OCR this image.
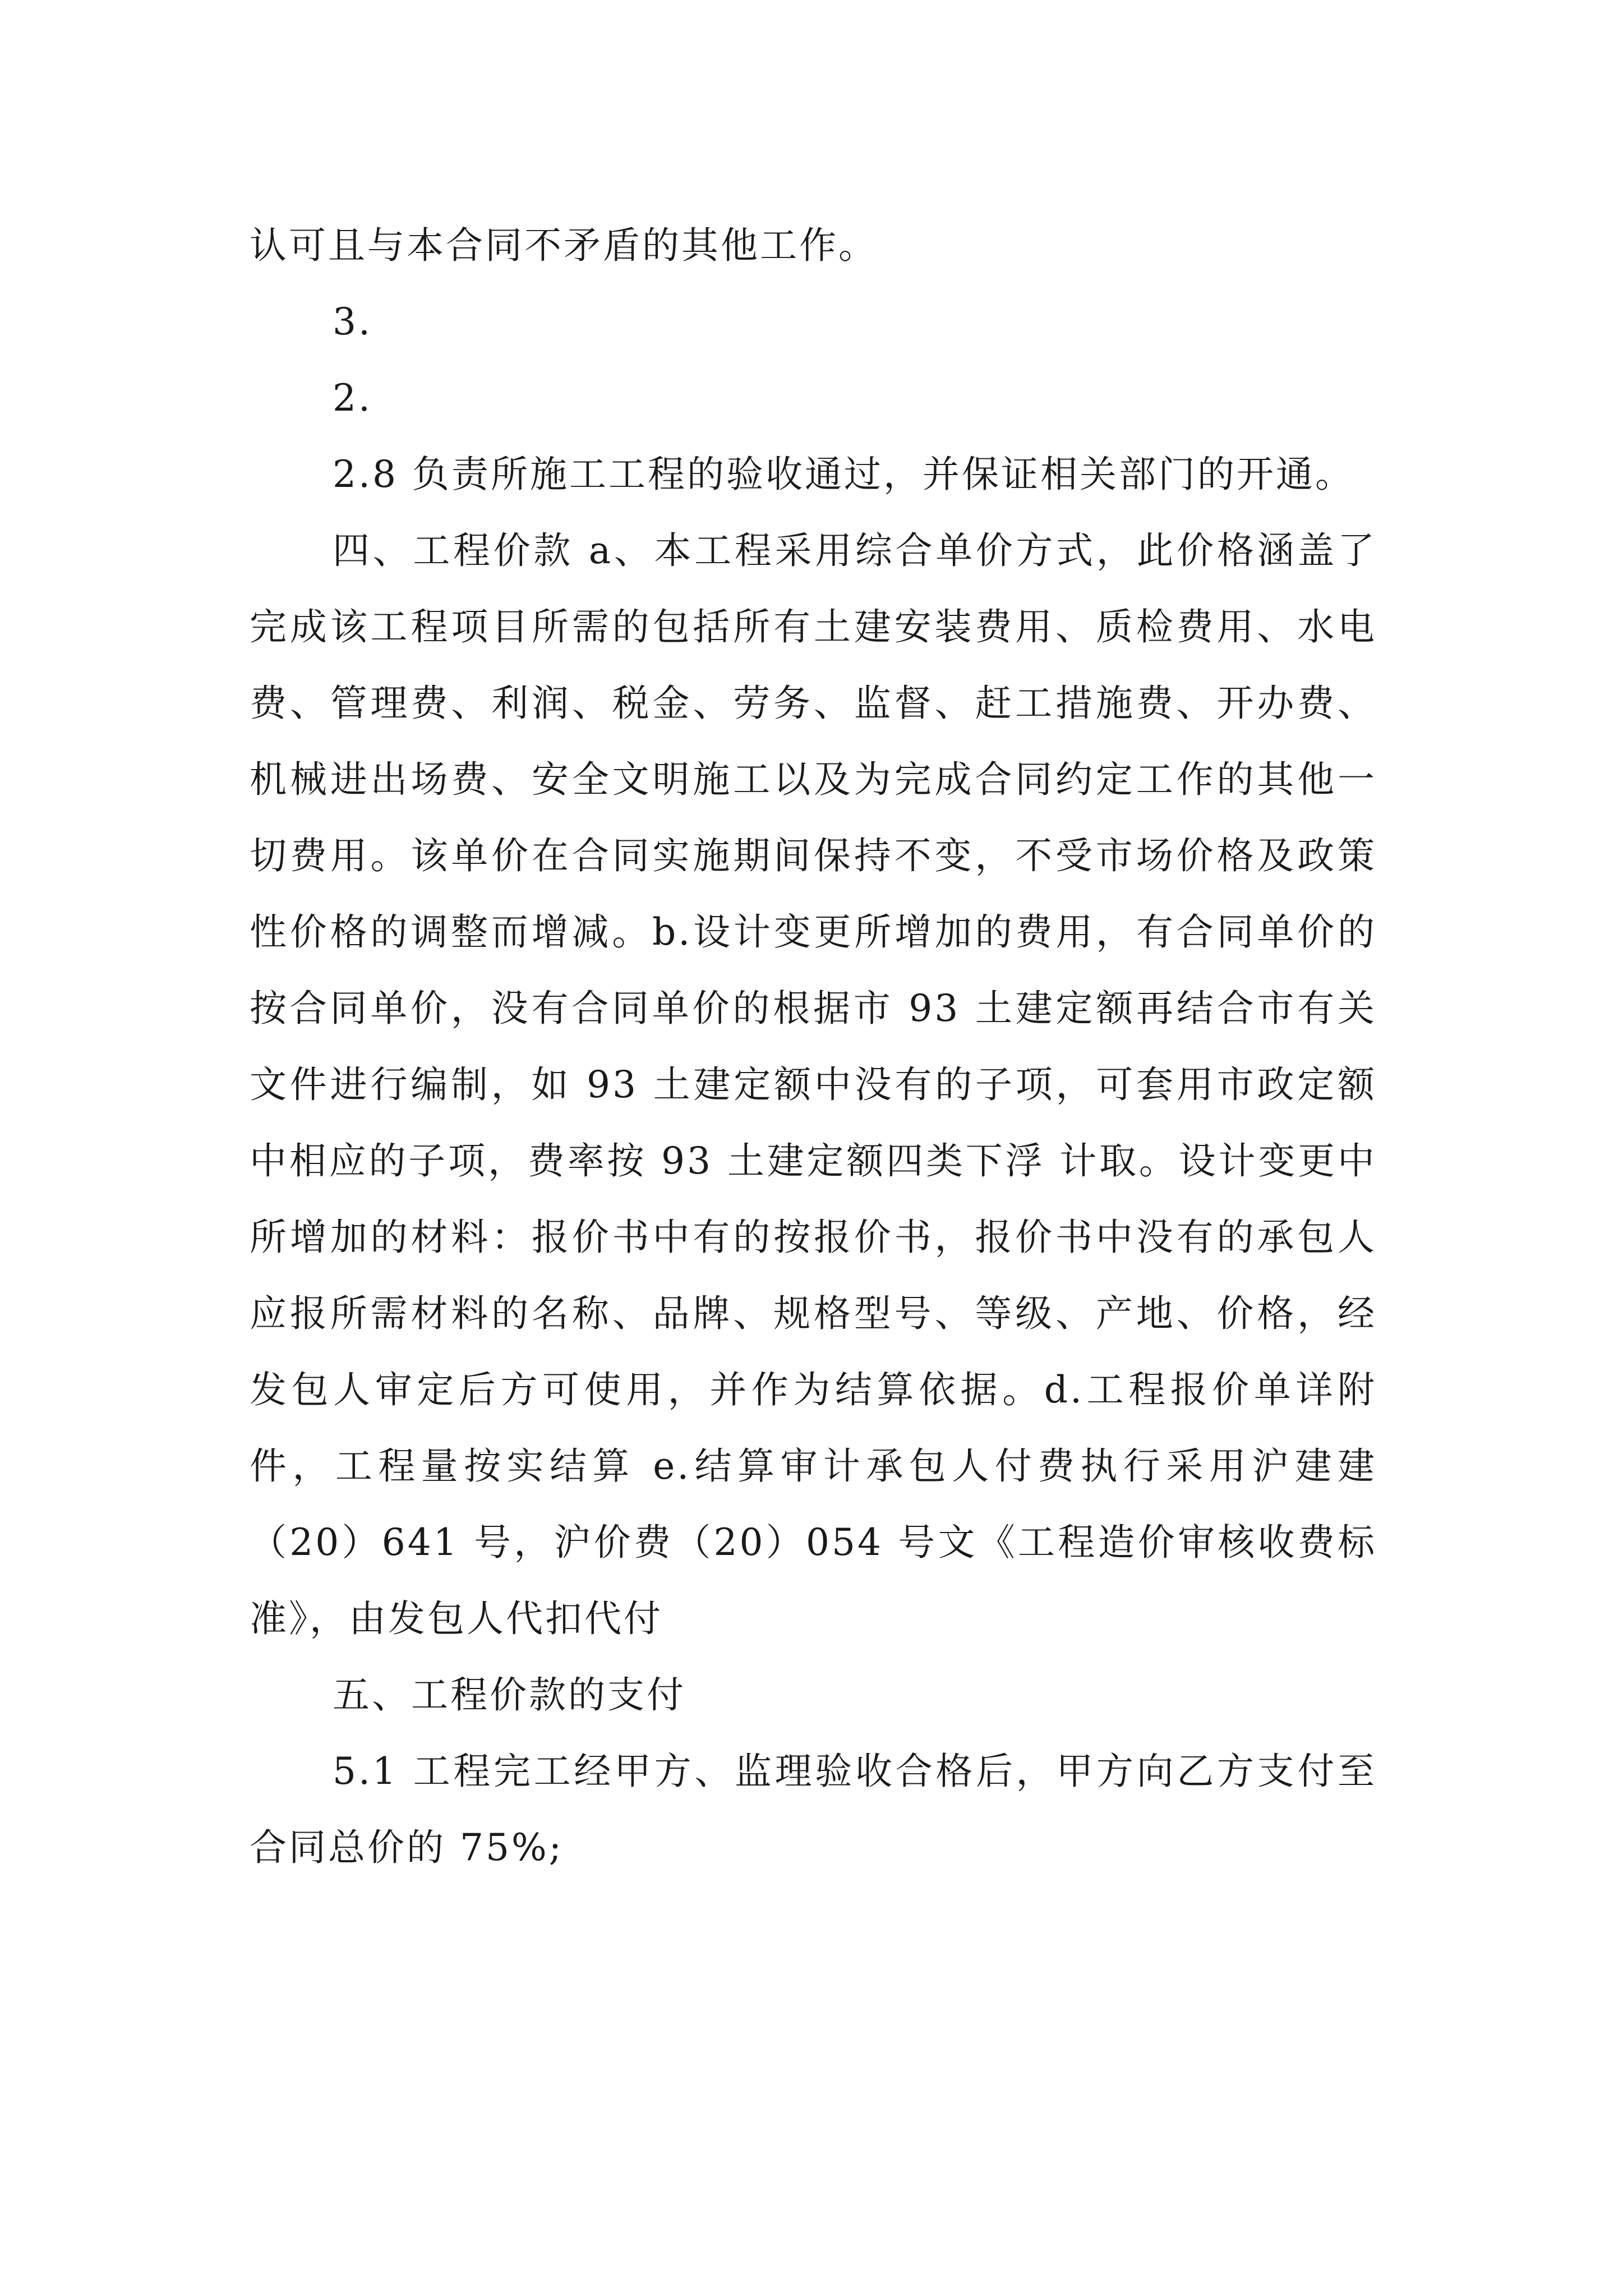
认可且与本合同不矛盾的其他工作。

3.

2.

2.8 负责所施工工程的验收通过，并保证相关部门的开通。

四、工程价款 a、本工程采用综合单价方式，此价格涵盖了完成该工程项目所需的包括所有土建安装费用、质检费用、水电费、管理费、利润、税金、劳务、监督、赶工措施费、开办费、机械进出场费、安全文明施工以及为完成合同约定工作的其他一切费用。该单价在合同实施期间保持不变，不受市场价格及政策性价格的调整而增减。b.设计变更所增加的费用，有合同单价的按合同单价，没有合同单价的根据市 93 土建定额再结合市有关文件进行编制，如 93 土建定额中没有的子项，可套用市政定额中相应的子项，费率按 93 土建定额四类下浮 计取。设计变更中所增加的材料：报价书中有的按报价书，报价书中没有的承包人应报所需材料的名称、品牌、规格型号、等级、产地、价格，经发包人审定后方可使用，并作为结算依据。d.工程报价单详附件，工程量按实结算 e.结算审计承包人付费执行采用沪建建（20）641 号，沪价费（20）054 号文《工程造价审核收费标准》，由发包人代扣代付

五、工程价款的支付

5.1 工程完工经甲方、监理验收合格后，甲方向乙方支付至合同总价的 75%;
